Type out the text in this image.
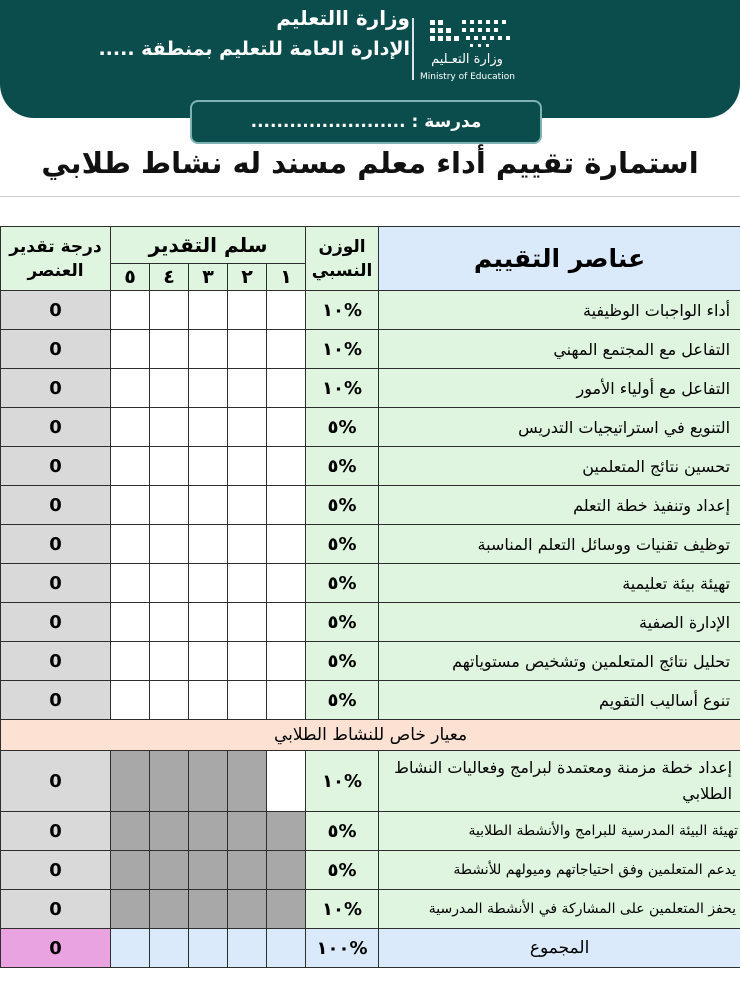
وزارة االتعليم
الإدارة العامة للتعليم بمنطقة .....	وزارة التعـليم
Ministry of Education
مدرسة : ........................
استمارة تقييم أداء معلم مسند له نشاط طلابي
درجة تقدير
العنصر	سلم التقدير					الوزن
النسبي	عناصر التقييم
	٥	٤	٣	٢	١		
0						%١٠	أداء الواجبات الوظيفية
0						%١٠	التفاعل مع المجتمع المهني
0						%١٠	التفاعل مع أولياء الأمور
0						%٥	التنويع في استراتيجيات التدريس
0						%٥	تحسين نتائج المتعلمين
0						%٥	إعداد وتنفيذ خطة التعلم
0						%٥	توظيف تقنيات ووسائل التعلم المناسبة
0						%٥	تهيئة بيئة تعليمية
0						%٥	الإدارة الصفية
0						%٥	تحليل نتائج المتعلمين وتشخيص مستوياتهم
0						%٥	تنوع أساليب التقويم
معيار خاص للنشاط الطلابي							
0						%١٠	إعداد خطة مزمنة ومعتمدة لبرامج وفعاليات النشاط الطلابي
0						%٥	تهيئة البيئة المدرسية للبرامج والأنشطة الطلابية
0						%٥	يدعم المتعلمين وفق احتياجاتهم وميولهم للأنشطة
0						%١٠	يحفز المتعلمين على المشاركة في الأنشطة المدرسية
0						%١٠٠	المجموع
